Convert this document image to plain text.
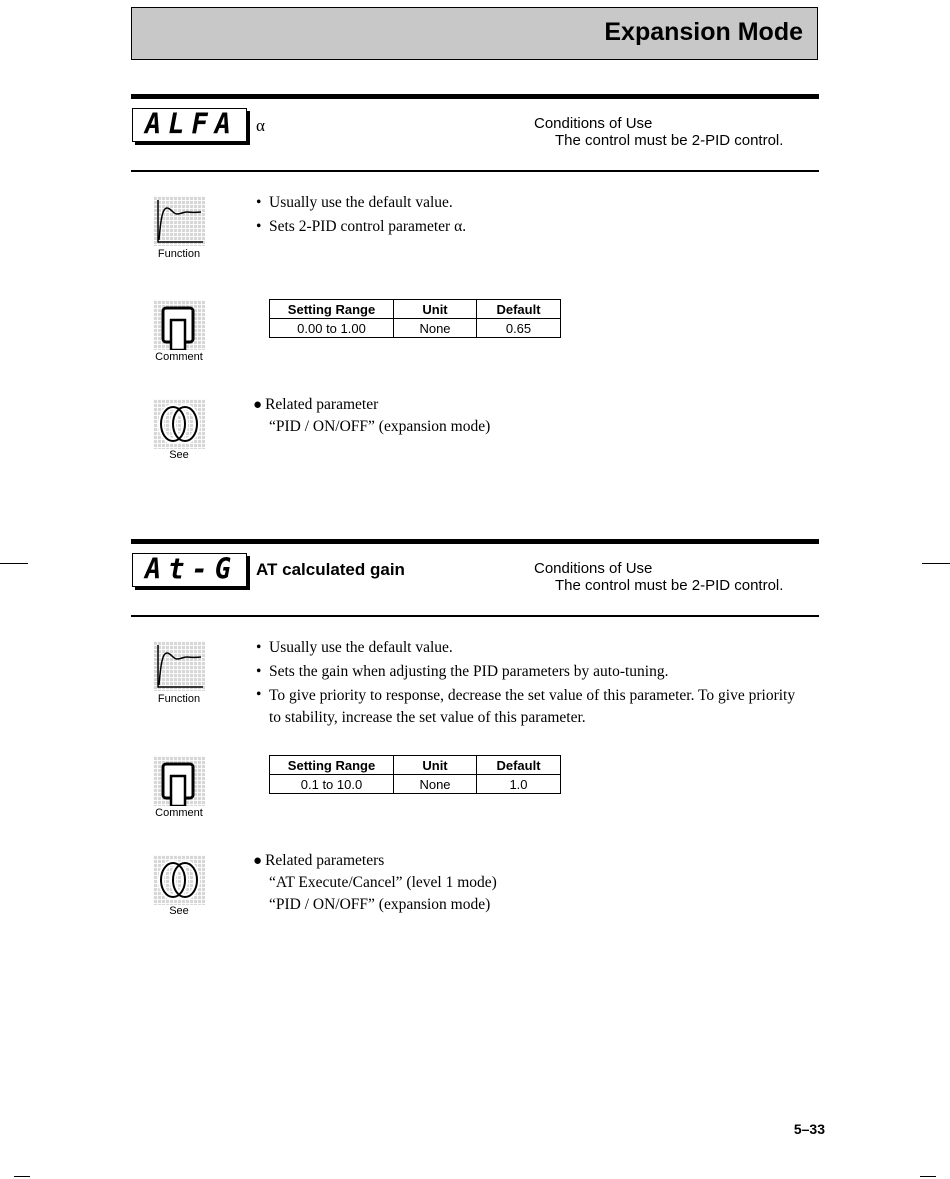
Expansion Mode
ALFA α	Conditions of Use
The control must be 2-PID control.
Function
• Usually use the default value.
• Sets 2-PID control parameter α.
Comment
Setting Range	Unit	Default
0.00 to 1.00	None	0.65
See
● Related parameter
“PID / ON/OFF” (expansion mode)
At-G AT calculated gain	Conditions of Use
The control must be 2-PID control.
Function
• Usually use the default value.
• Sets the gain when adjusting the PID parameters by auto-tuning.
• To give priority to response, decrease the set value of this parameter. To give priority to stability, increase the set value of this parameter.
Comment
Setting Range	Unit	Default
0.1 to 10.0	None	1.0
See
● Related parameters
“AT Execute/Cancel” (level 1 mode)
“PID / ON/OFF” (expansion mode)
5–33
